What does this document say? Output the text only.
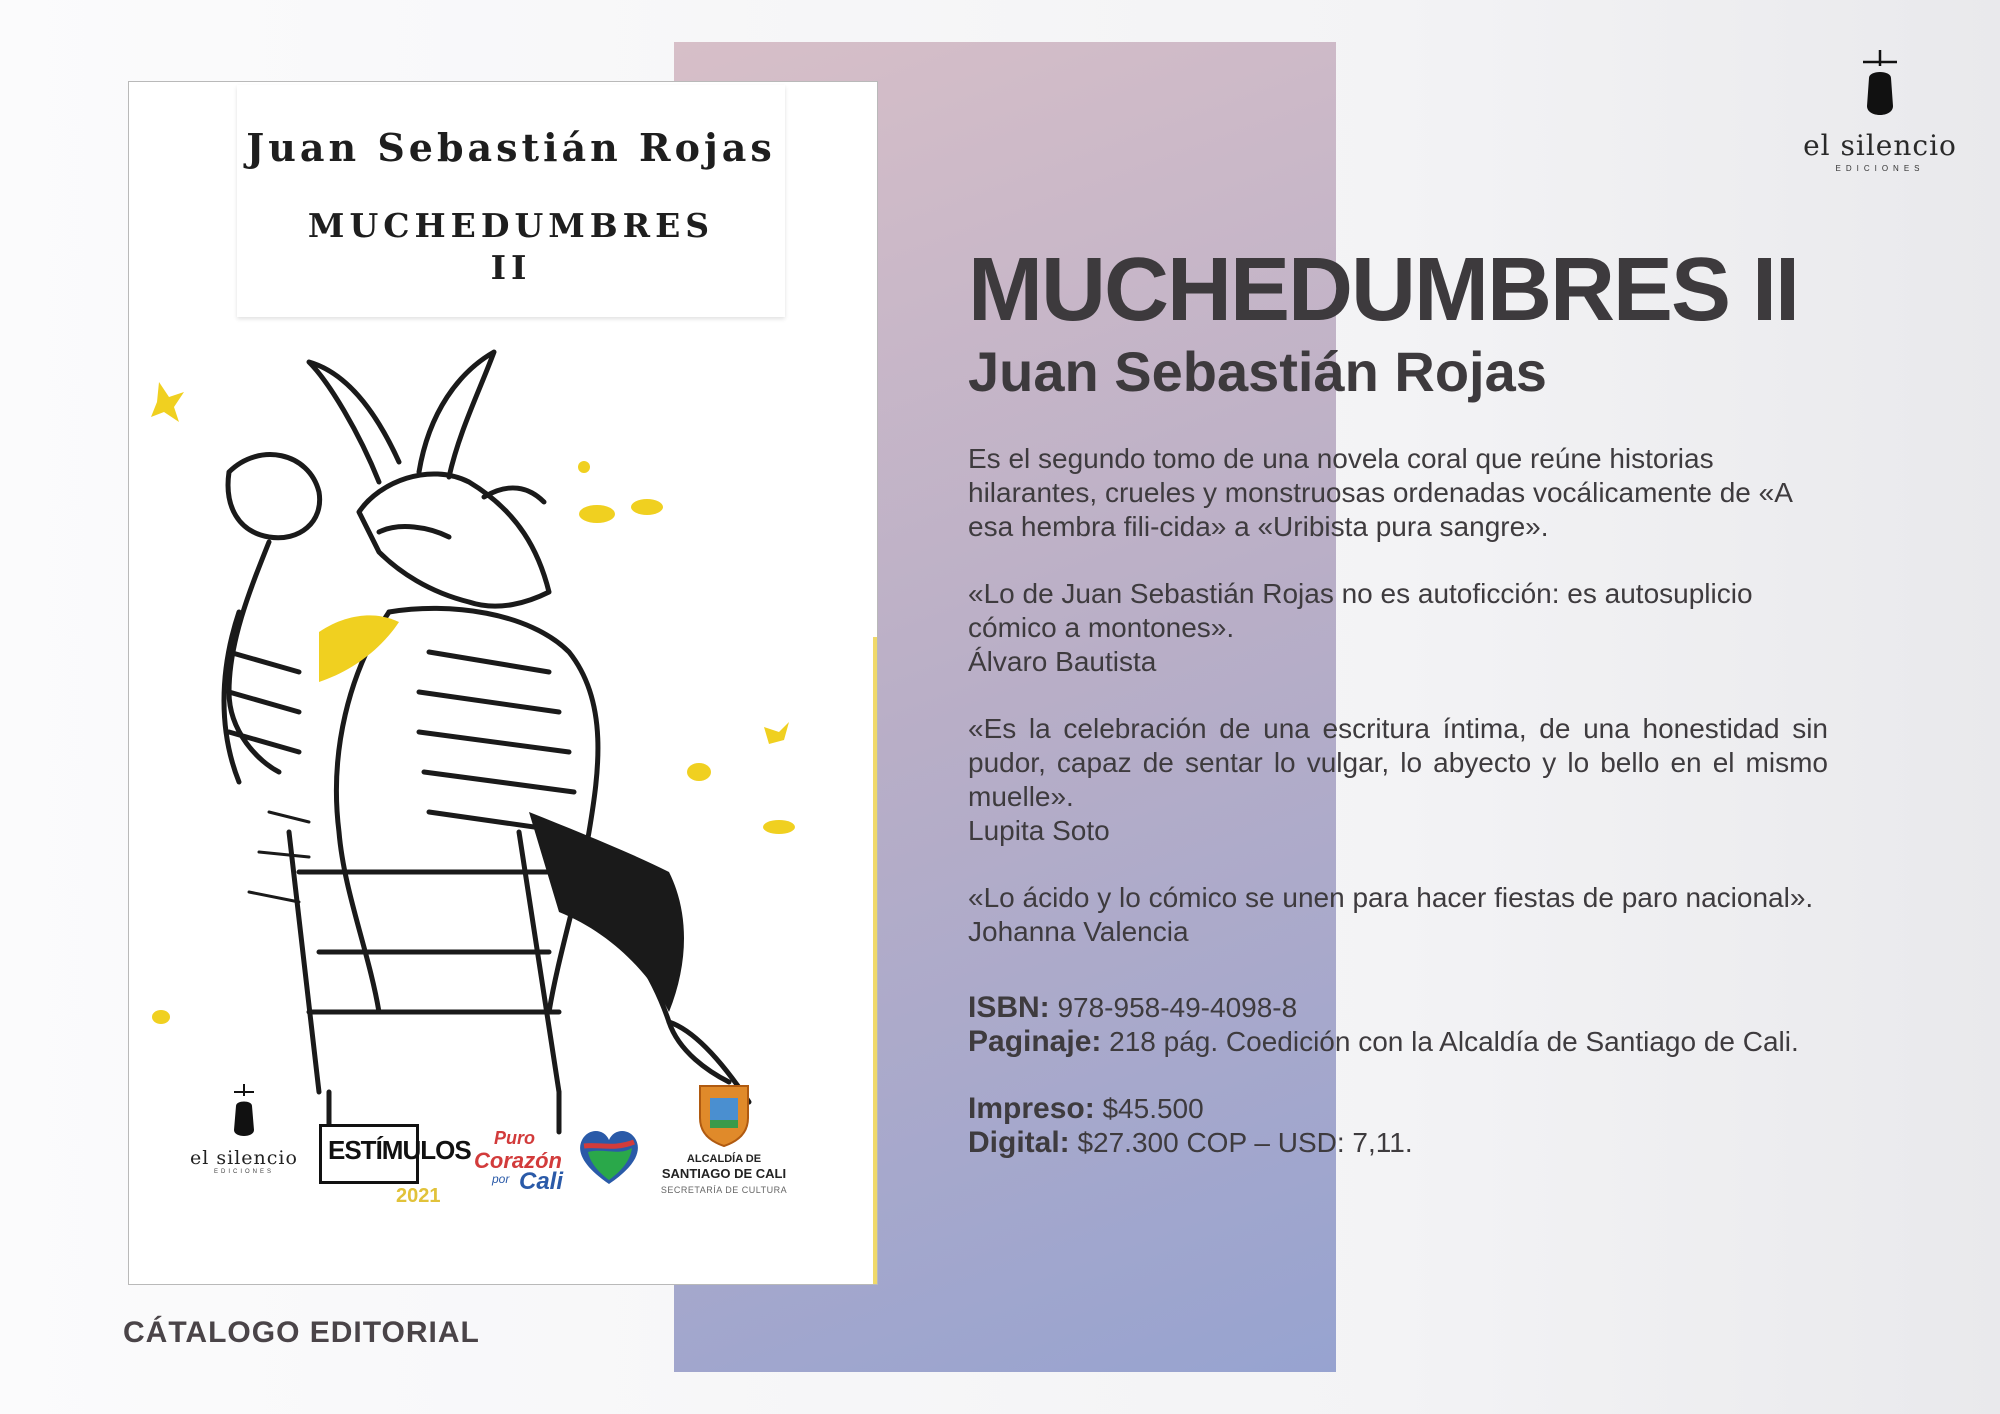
Juan Sebastián Rojas
MUCHEDUMBRES
II
el silencio
EDICIONES
ESTÍMULOS
2021
Puro
Corazón
por Cali
ALCALDÍA DE
SANTIAGO DE CALI
SECRETARÍA DE CULTURA
CÁTALOGO EDITORIAL
el silencio
EDICIONES
MUCHEDUMBRES II
Juan Sebastián Rojas

Es el segundo tomo de una novela coral que reúne historias hilarantes, crueles y monstruosas ordenadas vocálicamente de «A esa hembra fili-cida» a «Uribista pura sangre».

«Lo de Juan Sebastián Rojas no es autoficción: es autosuplicio cómico a montones».
Álvaro Bautista

«Es la celebración de una escritura íntima, de una honestidad sin pudor, capaz de sentar lo vulgar, lo abyecto y lo bello en el mismo muelle».
Lupita Soto

«Lo ácido y lo cómico se unen para hacer fiestas de paro nacional».
Johanna Valencia

ISBN: 978-958-49-4098-8

Paginaje: 218 pág. Coedición con la Alcaldía de Santiago de Cali.

Impreso: $45.500

Digital: $27.300 COP – USD: 7,11.
